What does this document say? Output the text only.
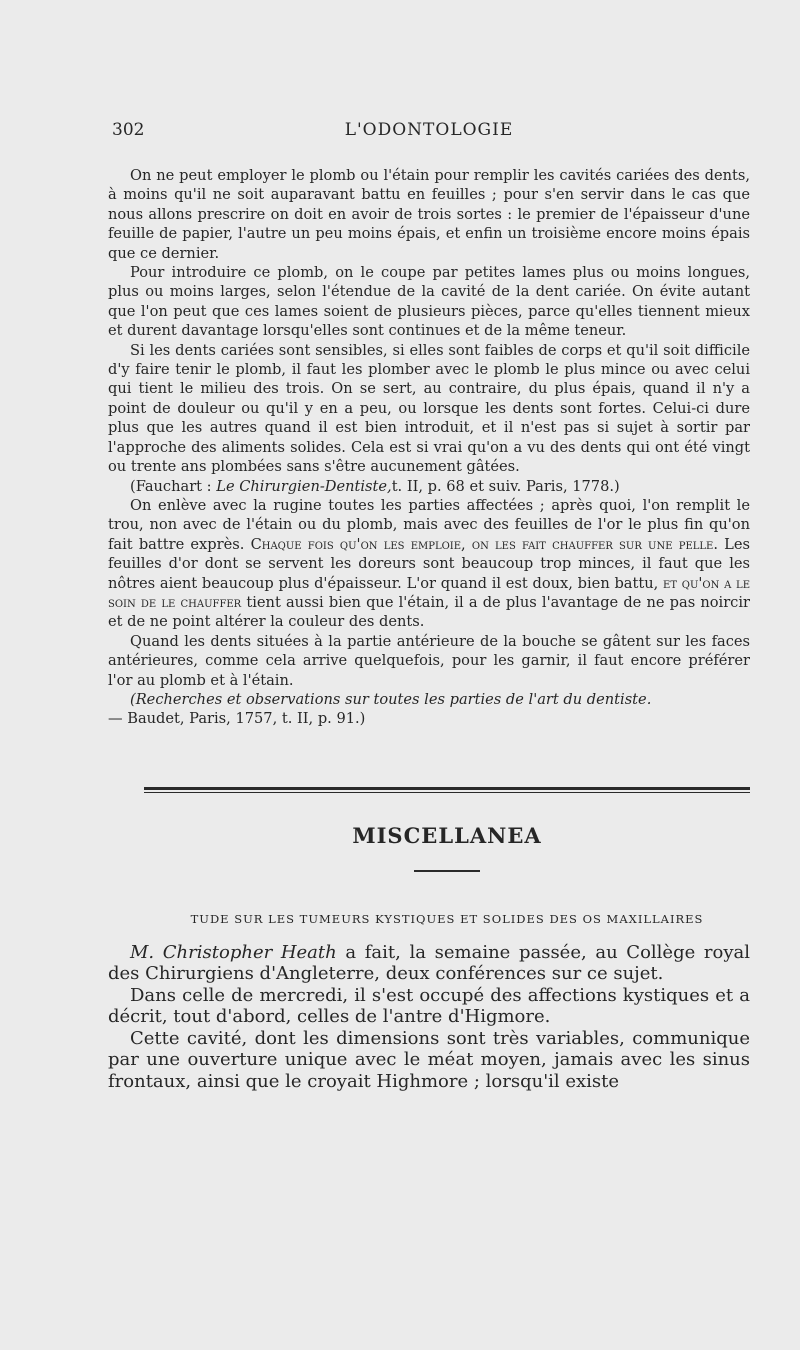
302	L'ODONTOLOGIE

On ne peut employer le plomb ou l'étain pour remplir les cavités cariées des dents, à moins qu'il ne soit auparavant battu en feuilles ; pour s'en servir dans le cas que nous allons prescrire on doit en avoir de trois sortes : le premier de l'épaisseur d'une feuille de papier, l'autre un peu moins épais, et enfin un troisième encore moins épais que ce dernier.

Pour introduire ce plomb, on le coupe par petites lames plus ou moins longues, plus ou moins larges, selon l'étendue de la cavité de la dent cariée. On évite autant que l'on peut que ces lames soient de plusieurs pièces, parce qu'elles tiennent mieux et durent davantage lorsqu'elles sont continues et de la même teneur.

Si les dents cariées sont sensibles, si elles sont faibles de corps et qu'il soit difficile d'y faire tenir le plomb, il faut les plomber avec le plomb le plus mince ou avec celui qui tient le milieu des trois. On se sert, au contraire, du plus épais, quand il n'y a point de douleur ou qu'il y en a peu, ou lorsque les dents sont fortes. Celui-ci dure plus que les autres quand il est bien introduit, et il n'est pas si sujet à sortir par l'approche des aliments solides. Cela est si vrai qu'on a vu des dents qui ont été vingt ou trente ans plombées sans s'être aucunement gâtées.

(Fauchart : Le Chirurgien-Dentiste,t. II, p. 68 et suiv. Paris, 1778.)

On enlève avec la rugine toutes les parties affectées ; après quoi, l'on remplit le trou, non avec de l'étain ou du plomb, mais avec des feuilles de l'or le plus fin qu'on fait battre exprès. Chaque fois qu'on les emploie, on les fait chauffer sur une pelle. Les feuilles d'or dont se servent les doreurs sont beaucoup trop minces, il faut que les nôtres aient beaucoup plus d'épaisseur. L'or quand il est doux, bien battu, et qu'on a le soin de le chauffer tient aussi bien que l'étain, il a de plus l'avantage de ne pas noircir et de ne point altérer la couleur des dents.

Quand les dents situées à la partie antérieure de la bouche se gâtent sur les faces antérieures, comme cela arrive quelquefois, pour les garnir, il faut encore préférer l'or au plomb et à l'étain.

(Recherches et observations sur toutes les parties de l'art du dentiste.

— Baudet, Paris, 1757, t. II, p. 91.)

MISCELLANEA
TUDE SUR LES TUMEURS KYSTIQUES ET SOLIDES DES OS MAXILLAIRES

M. Christopher Heath a fait, la semaine passée, au Collège royal des Chirurgiens d'Angleterre, deux conférences sur ce sujet.

Dans celle de mercredi, il s'est occupé des affections kystiques et a décrit, tout d'abord, celles de l'antre d'Higmore.

Cette cavité, dont les dimensions sont très variables, communique par une ouverture unique avec le méat moyen, jamais avec les sinus frontaux, ainsi que le croyait Highmore ; lorsqu'il existe
